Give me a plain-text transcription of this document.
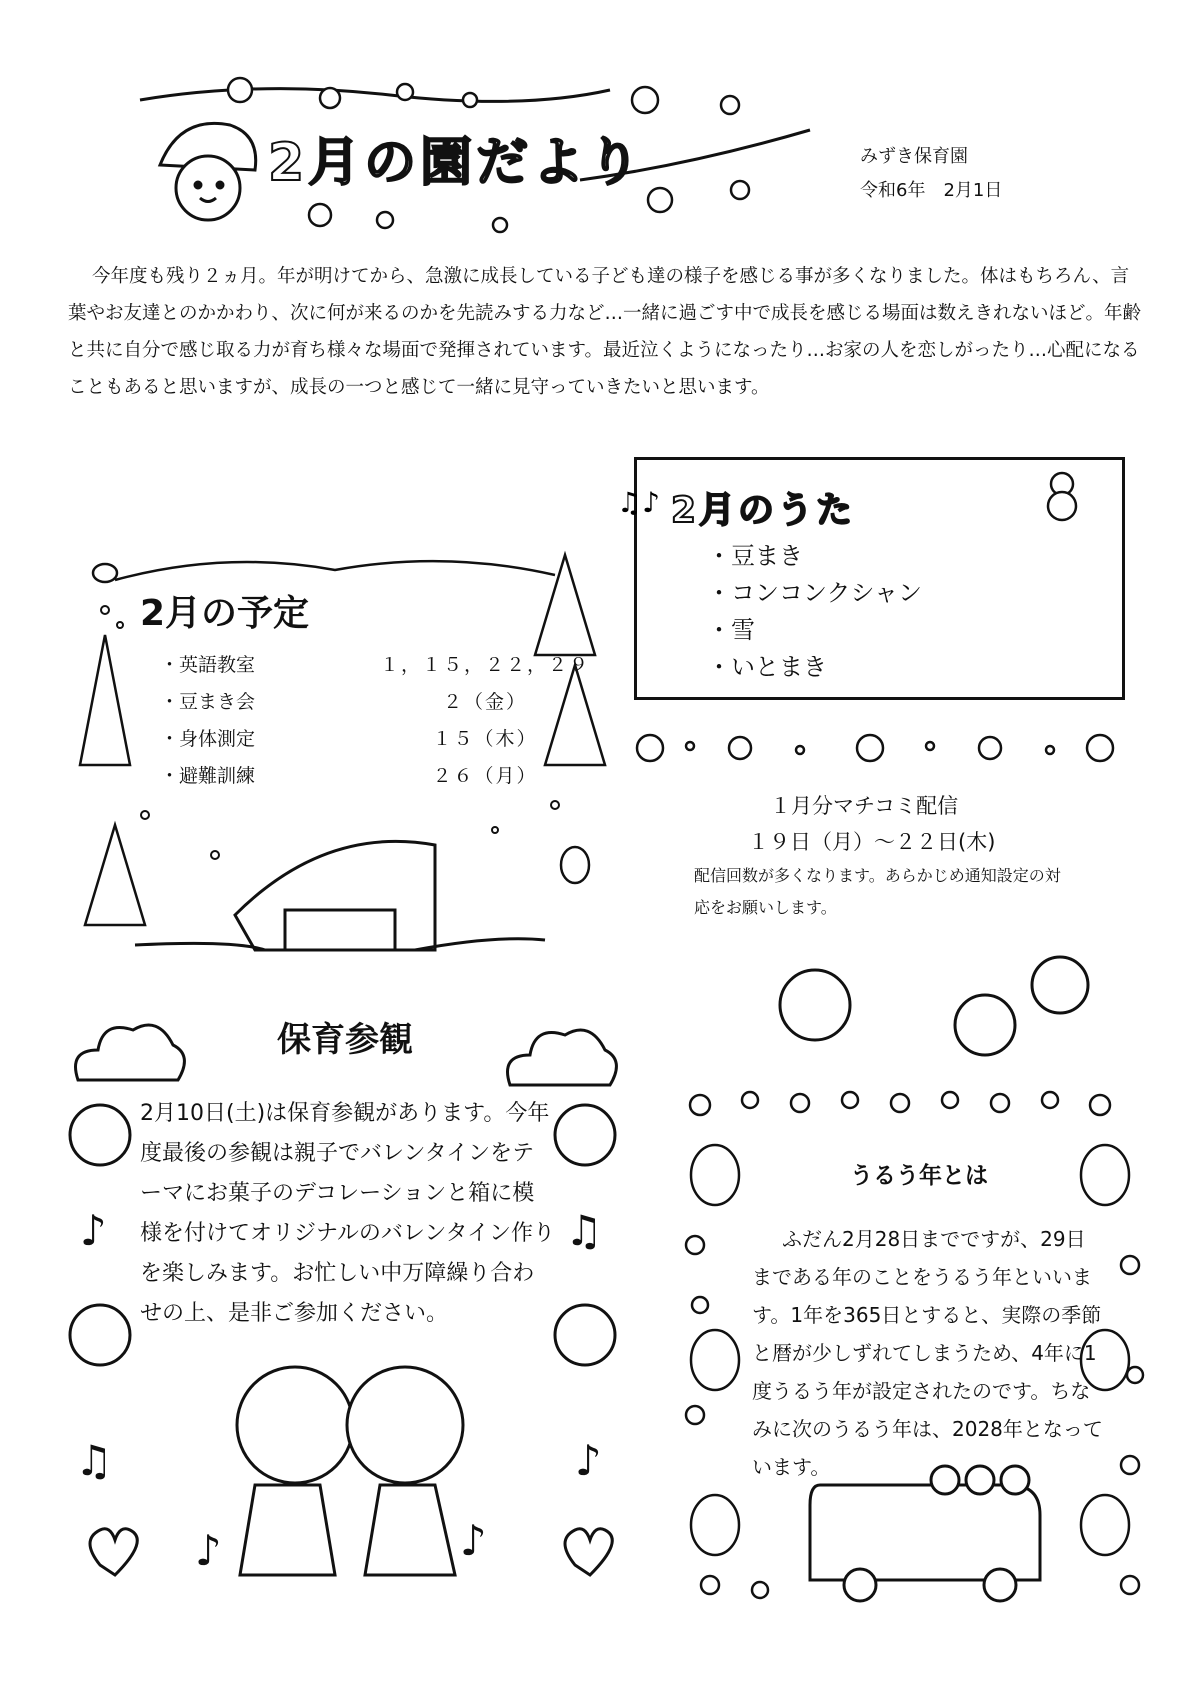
2月の園だより	みずき保育園
令和6年　2月1日
今年度も残り２ヵ月。年が明けてから、急激に成長している子ども達の様子を感じる事が多くなりました。体はもちろん、言葉やお友達とのかかわり、次に何が来るのかを先読みする力など…一緒に過ごす中で成長を感じる場面は数えきれないほど。年齢と共に自分で感じ取る力が育ち様々な場面で発揮されています。最近泣くようになったり…お家の人を恋しがったり…心配になることもあると思いますが、成長の一つと感じて一緒に見守っていきたいと思います。
♫♪ 2月のうた
・ 豆まき
・ コンコンクシャン
・ 雪
・ いとまき
2月の予定
・ 英語教室	１，１５，２２，２９
・ 豆まき会	２（金）
・ 身体測定	１５（木）
・ 避難訓練	２６（月）
１月分マチコミ配信
１９日（月）～２２日(木)
配信回数が多くなります。あらかじめ通知設定の対応をお願いします。
保育参観
2月10日(土)は保育参観があります。今年度最後の参観は親子でバレンタインをテーマにお菓子のデコレーションと箱に模様を付けてオリジナルのバレンタイン作りを楽しみます。お忙しい中万障繰り合わせの上、是非ご参加ください。
♪	♫
♫	♪
♪	♪
うるう年とは
ふだん2月28日までですが、29日まである年のことをうるう年といいます。1年を365日とすると、実際の季節と暦が少しずれてしまうため、4年に1度うるう年が設定されたのです。ちなみに次のうるう年は、2028年となっています。
